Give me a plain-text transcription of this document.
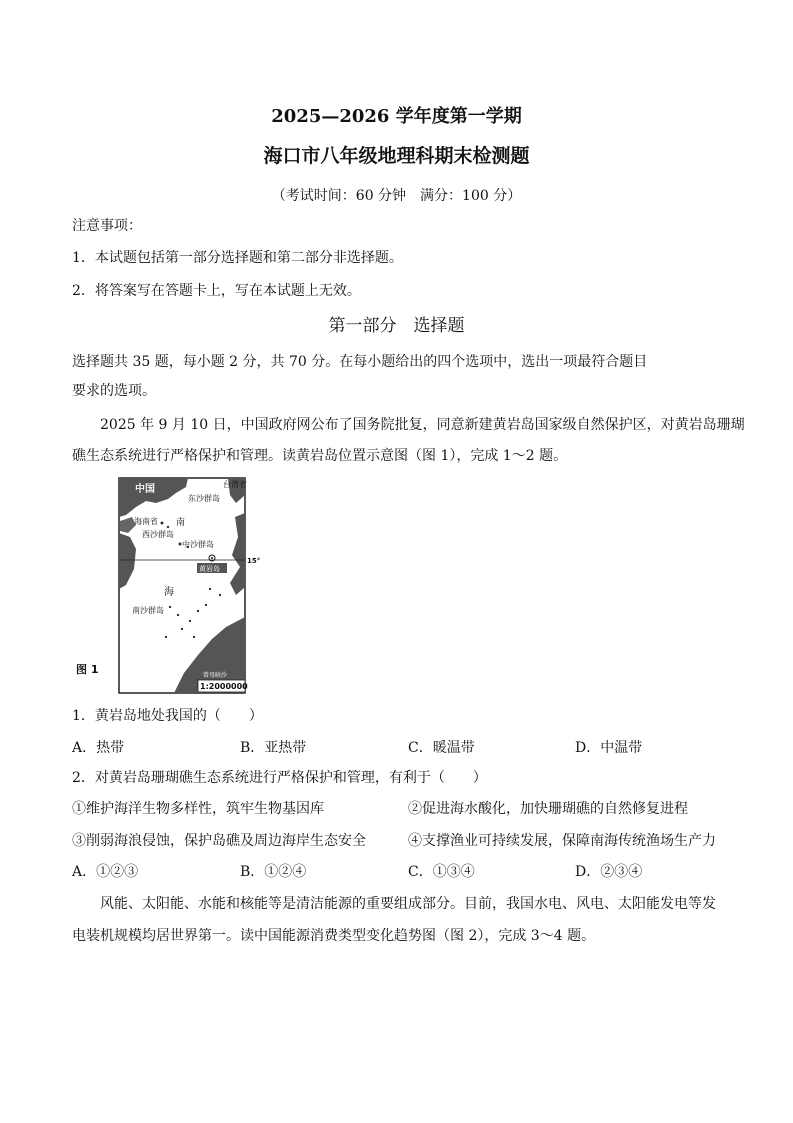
2025—2026 学年度第一学期
海口市八年级地理科期末检测题
（考试时间：60 分钟　满分：100 分）
注意事项：
1．本试题包括第一部分选择题和第二部分非选择题。
2．将答案写在答题卡上，写在本试题上无效。
第一部分　选择题
选择题共 35 题，每小题 2 分，共 70 分。在每小题给出的四个选项中，选出一项最符合题目
要求的选项。
2025 年 9 月 10 日，中国政府网公布了国务院批复，同意新建黄岩岛国家级自然保护区，对黄岩岛珊瑚
礁生态系统进行严格保护和管理。读黄岩岛位置示意图（图 1），完成 1～2 题。
图 1
中国	台湾省
东沙群岛
海南省 南
西沙群岛
中沙群岛
黄岩岛
15°
海
南沙群岛
曾母暗沙
1:2000000
1．黄岩岛地处我国的（　　）
A．热带	B．亚热带	C．暖温带	D．中温带
2．对黄岩岛珊瑚礁生态系统进行严格保护和管理，有利于（　　）
①维护海洋生物多样性，筑牢生物基因库	②促进海水酸化，加快珊瑚礁的自然修复进程
③削弱海浪侵蚀，保护岛礁及周边海岸生态安全	④支撑渔业可持续发展，保障南海传统渔场生产力
A．①②③	B．①②④	C．①③④	D．②③④
风能、太阳能、水能和核能等是清洁能源的重要组成部分。目前，我国水电、风电、太阳能发电等发
电装机规模均居世界第一。读中国能源消费类型变化趋势图（图 2），完成 3～4 题。
